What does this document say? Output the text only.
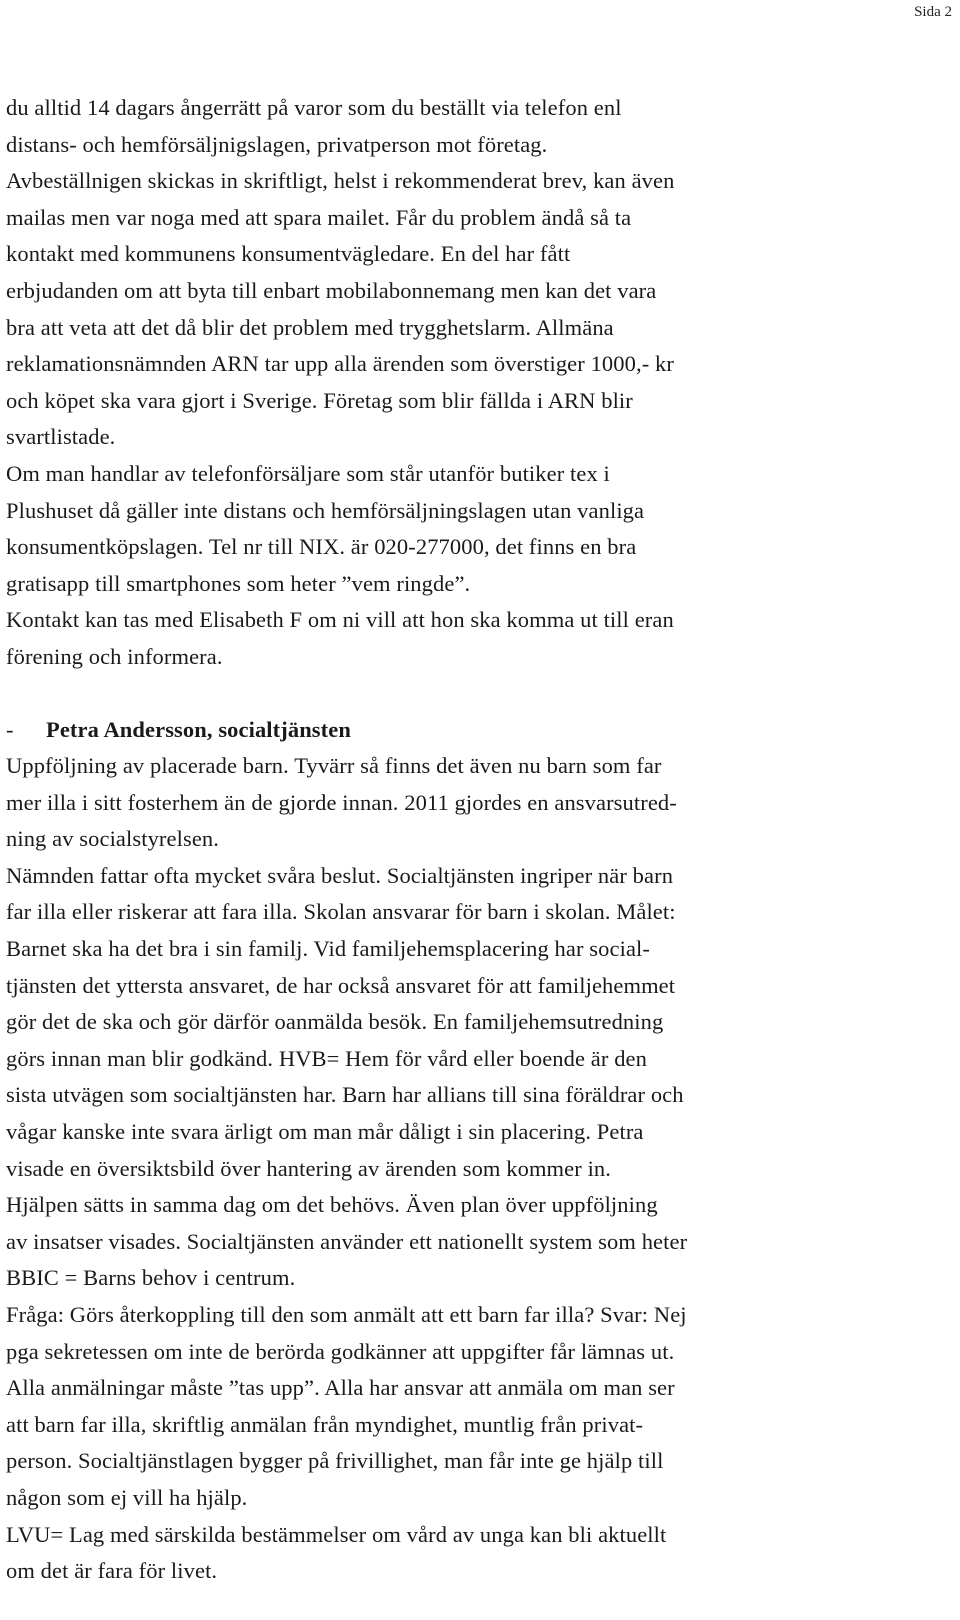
Sida 2

du alltid 14 dagars ångerrätt på varor som du beställt via telefon enl
distans- och hemförsäljnigslagen, privatperson mot företag.
Avbeställnigen skickas in skriftligt, helst i rekommenderat brev, kan även
mailas men var noga med att spara mailet. Får du problem ändå så ta
kontakt med kommunens konsumentvägledare. En del har fått
erbjudanden om att byta till enbart mobilabonnemang men kan det vara
bra att veta att det då blir det problem med trygghetslarm. Allmäna
reklamationsnämnden ARN tar upp alla ärenden som överstiger 1000,- kr
och köpet ska vara gjort i Sverige. Företag som blir fällda i ARN blir
svartlistade.

Om man handlar av telefonförsäljare som står utanför butiker tex i
Plushuset då gäller inte distans och hemförsäljningslagen utan vanliga
konsumentköpslagen. Tel nr till NIX. är 020-277000, det finns en bra
gratisapp till smartphones som heter ”vem ringde”.

Kontakt kan tas med Elisabeth F om ni vill att hon ska komma ut till eran
förening och informera.

-	Petra Andersson, socialtjänsten

Uppföljning av placerade barn. Tyvärr så finns det även nu barn som far
mer illa i sitt fosterhem än de gjorde innan. 2011 gjordes en ansvarsutred-
ning av socialstyrelsen.

Nämnden fattar ofta mycket svåra beslut. Socialtjänsten ingriper när barn
far illa eller riskerar att fara illa. Skolan ansvarar för barn i skolan. Målet:
Barnet ska ha det bra i sin familj. Vid familjehemsplacering har social-
tjänsten det yttersta ansvaret, de har också ansvaret för att familjehemmet
gör det de ska och gör därför oanmälda besök. En familjehemsutredning
görs innan man blir godkänd. HVB= Hem för vård eller boende är den
sista utvägen som socialtjänsten har. Barn har allians till sina föräldrar och
vågar kanske inte svara ärligt om man mår dåligt i sin placering. Petra
visade en översiktsbild över hantering av ärenden som kommer in.
Hjälpen sätts in samma dag om det behövs. Även plan över uppföljning
av insatser visades. Socialtjänsten använder ett nationellt system som heter
BBIC = Barns behov i centrum.

Fråga: Görs återkoppling till den som anmält att ett barn far illa? Svar: Nej
pga sekretessen om inte de berörda godkänner att uppgifter får lämnas ut.
Alla anmälningar måste ”tas upp”. Alla har ansvar att anmäla om man ser
att barn far illa, skriftlig anmälan från myndighet, muntlig från privat-
person. Socialtjänstlagen bygger på frivillighet, man får inte ge hjälp till
någon som ej vill ha hjälp.

LVU= Lag med särskilda bestämmelser om vård av unga kan bli aktuellt
om det är fara för livet.
